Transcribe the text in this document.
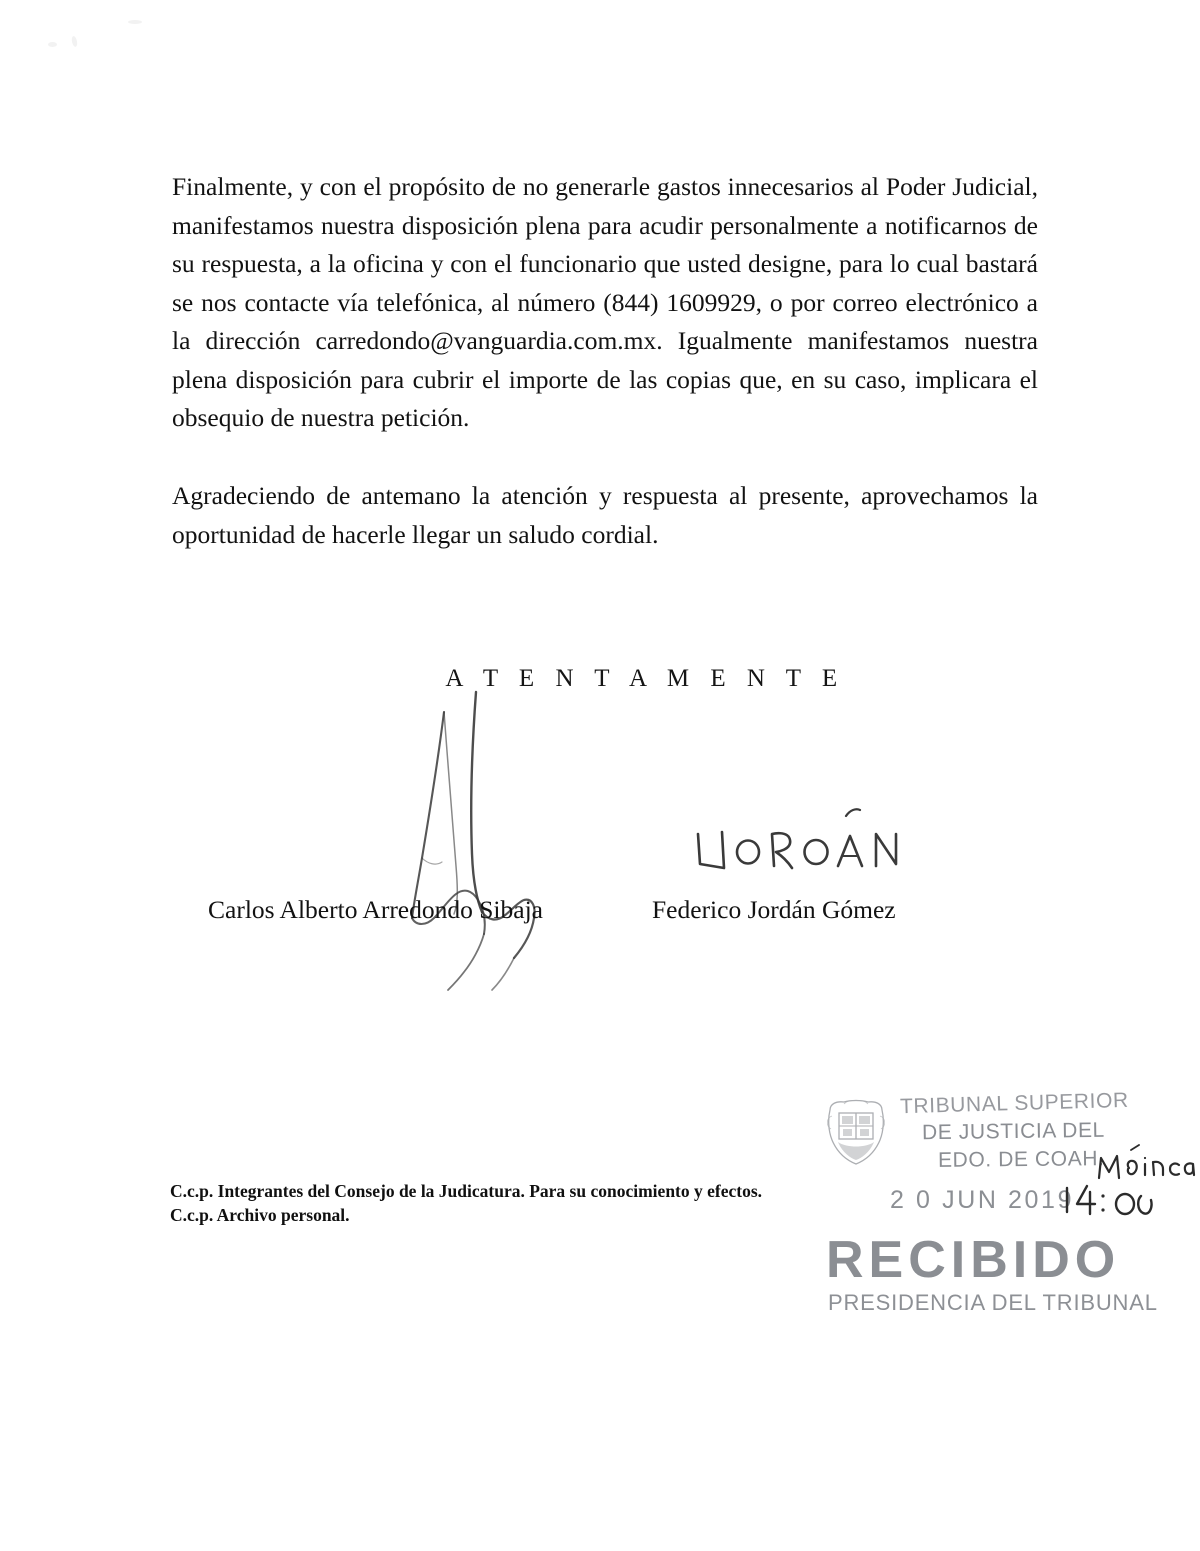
Finalmente, y con el propósito de no generarle gastos innecesarios al Poder Judicial, manifestamos nuestra disposición plena para acudir personalmente a notificarnos de su respuesta, a la oficina y con el funcionario que usted designe, para lo cual bastará se nos contacte vía telefónica, al número (844) 1609929, o por correo electrónico a la dirección carredondo@vanguardia.com.mx. Igualmente manifestamos nuestra plena disposición para cubrir el importe de las copias que, en su caso, implicara el obsequio de nuestra petición.

Agradeciendo de antemano la atención y respuesta al presente, aprovechamos la oportunidad de hacerle llegar un saludo cordial.

A T E N T A M E N T E
Carlos Alberto Arredondo Sibaja	Federico Jordán Gómez
TRIBUNAL SUPERIOR
DE JUSTICIA DEL
EDO. DE COAH.
2 0 JUN 2019
RECIBIDO
PRESIDENCIA DEL TRIBUNAL

C.c.p. Integrantes del Consejo de la Judicatura. Para su conocimiento y efectos.

C.c.p. Archivo personal.
